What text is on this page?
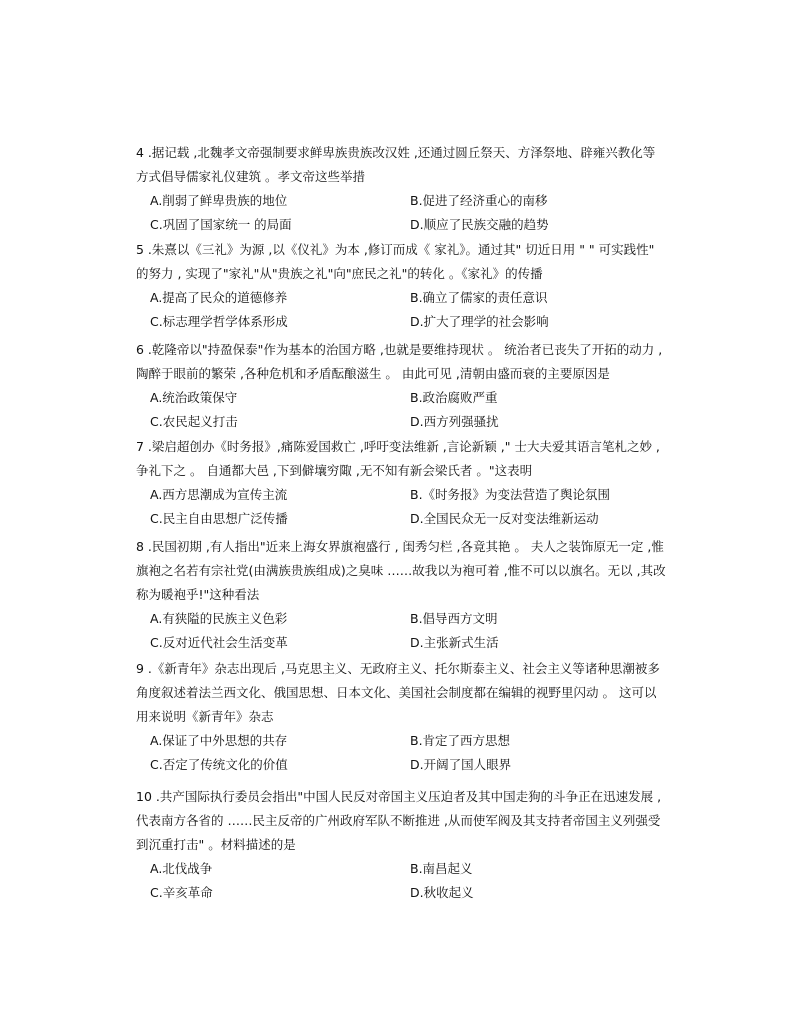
4 .据记载 ,北魏孝文帝强制要求鲜卑族贵族改汉姓 ,还通过圆丘祭天、方泽祭地、辟雍兴教化等方式倡导儒家礼仪建筑 。孝文帝这些举措

A.削弱了鲜卑贵族的地位	B.促进了经济重心的南移
C.巩固了国家统一 的局面	D.顺应了民族交融的趋势

5 .朱熹以《三礼》为源 ,以《仪礼》为本 ,修订而成《 家礼》。通过其" 切近日用 " " 可实践性" 的努力 , 实现了"家礼"从"贵族之礼"向"庶民之礼"的转化 。《家礼》的传播

A.提高了民众的道德修养	B.确立了儒家的责任意识
C.标志理学哲学体系形成	D.扩大了理学的社会影响

6 .乾隆帝以"持盈保泰"作为基本的治国方略 ,也就是要维持现状 。 统治者已丧失了开拓的动力 ,陶醉于眼前的繁荣 ,各种危机和矛盾酝酿滋生 。 由此可见 ,清朝由盛而衰的主要原因是

A.统治政策保守	B.政治腐败严重
C.农民起义打击	D.西方列强骚扰

7 .梁启超创办《时务报》,痛陈爱国救亡 ,呼吁变法维新 ,言论新颖 ," 士大夫爱其语言笔札之妙 ,争礼下之 。 自通都大邑 ,下到僻壤穷陬 ,无不知有新会梁氏者 。"这表明

A.西方思潮成为宣传主流	B.《时务报》为变法营造了舆论氛围
C.民主自由思想广泛传播	D.全国民众无一反对变法维新运动

8 .民国初期 ,有人指出"近来上海女界旗袍盛行 , 闺秀匀栏 ,各竟其艳 。 夫人之装饰原无一定 ,惟旗袍之名若有宗社党(由满族贵族组成)之臭味 ……故我以为袍可着 ,惟不可以以旗名。无以 ,其改称为暖袍乎!"这种看法

A.有狭隘的民族主义色彩	B.倡导西方文明
C.反对近代社会生活变革	D.主张新式生活

9 .《新青年》杂志出现后 ,马克思主义、无政府主义、托尔斯泰主义、社会主义等诸种思潮被多角度叙述着法兰西文化、俄国思想、日本文化、美国社会制度都在编辑的视野里闪动 。 这可以用来说明《新青年》杂志

A.保证了中外思想的共存	B.肯定了西方思想
C.否定了传统文化的价值	D.开阔了国人眼界

10 .共产国际执行委员会指出"中国人民反对帝国主义压迫者及其中国走狗的斗争正在迅速发展 ,代表南方各省的 ……民主反帝的广州政府军队不断推进 ,从而使军阀及其支持者帝国主义列强受到沉重打击" 。材料描述的是

A.北伐战争	B.南昌起义
C.辛亥革命	D.秋收起义
